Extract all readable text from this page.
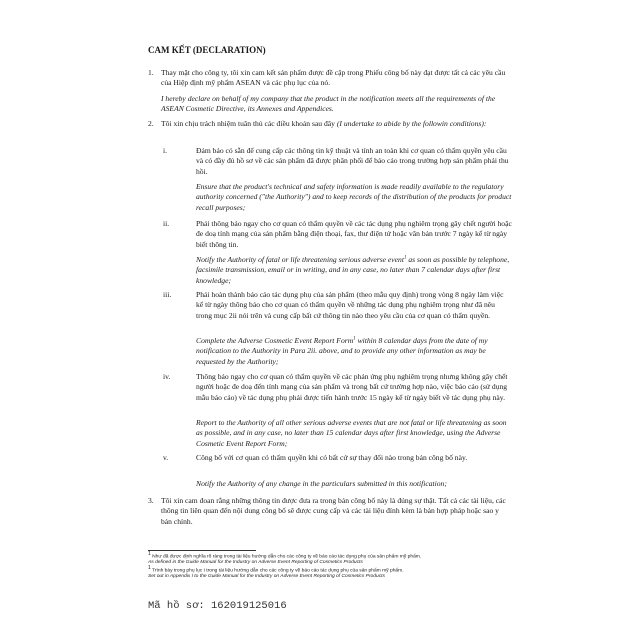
CAM KẾT (DECLARATION)
1. Thay mặt cho công ty, tôi xin cam kết sản phẩm được đề cập trong Phiếu công bố này đạt được tất cả các yêu cầu của Hiệp định mỹ phẩm ASEAN và các phụ lục của nó.

I hereby declare on behalf of my company that the product in the notification meets all the requirements of the ASEAN Cosmetic Directive, its Annexes and Appendices.

2. Tôi xin chịu trách nhiệm tuân thủ các điều khoản sau đây (I undertake to abide by the followin conditions):

i.	Đảm bảo có sẵn để cung cấp các thông tin kỹ thuật và tính an toàn khi cơ quan có thẩm quyền yêu cầu và có đầy đủ hồ sơ về các sản phẩm đã được phân phối để báo cáo trong trường hợp sản phẩm phải thu hồi.

Ensure that the product's technical and safety information is made readily available to the regulatory authority concerned ("the Authority") and to keep records of the distribution of the products for product recall purposes;

ii.	Phải thông báo ngay cho cơ quan có thẩm quyền về các tác dụng phụ nghiêm trọng gây chết người hoặc đe doạ tính mạng của sản phẩm bằng điện thoại, fax, thư điện tử hoặc văn bản trước 7 ngày kể từ ngày biết thông tin.

Notify the Authority of fatal or life threatening serious adverse event$^1$ as soon as possible by telephone, facsimile transmission, email or in writing, and in any case, no later than 7 calendar days after first knowledge;

iii.	Phải hoàn thành báo cáo tác dụng phụ của sản phẩm (theo mẫu quy định) trong vòng 8 ngày làm việc kể từ ngày thông báo cho cơ quan có thẩm quyền về những tác dụng phụ nghiêm trọng như đã nêu trong mục 2ii nói trên và cung cấp bất cứ thông tin nào theo yêu cầu của cơ quan có thẩm quyền.

Complete the Adverse Cosmetic Event Report Form$^1$ within 8 calendar days from the date of my notification to the Authority in Para 2ii. above, and to provide any other information as may be requested by the Authority;

iv.	Thông báo ngay cho cơ quan có thẩm quyền về các phản ứng phụ nghiêm trọng nhưng không gây chết người hoặc đe doạ đến tính mạng của sản phẩm và trong bất cứ trường hợp nào, việc báo cáo (sử dụng mẫu báo cáo) về tác dụng phụ phải được tiến hành trước 15 ngày kể từ ngày biết về tác dụng phụ này.

Report to the Authority of all other serious adverse events that are not fatal or life threatening as soon as possible, and in any case, no later than 15 calendar days after first knowledge, using the Adverse Cosmetic Event Report Form;

v.	Công bố với cơ quan có thẩm quyền khi có bất cứ sự thay đổi nào trong bản công bố này.

Notify the Authority of any change in the particulars submitted in this notification;

3. Tôi xin cam đoan rằng những thông tin được đưa ra trong bản công bố này là đúng sự thật. Tất cả các tài liệu, các thông tin liên quan đến nội dung công bố sẽ được cung cấp và các tài liệu đính kèm là bản hợp pháp hoặc sao y bản chính.

$^1$ Như đã được định nghĩa rõ ràng trong tài liệu hướng dẫn cho các công ty về báo cáo tác dụng phụ của sản phẩm mỹ phẩm.

As defined in the Guide Manual for the Industry on Adverse Event Reporting of Cosmetics Products

$^1$ Trình bày trong phụ lục I trong tài liệu hướng dẫn cho các công ty về báo cáo tác dụng phụ của sản phẩm mỹ phẩm.

Set out in Appendix I to the Guide Manual for the Industry on Adverse Event Reporting of Cosmetics Products

Mã hồ sơ: 162019125016
